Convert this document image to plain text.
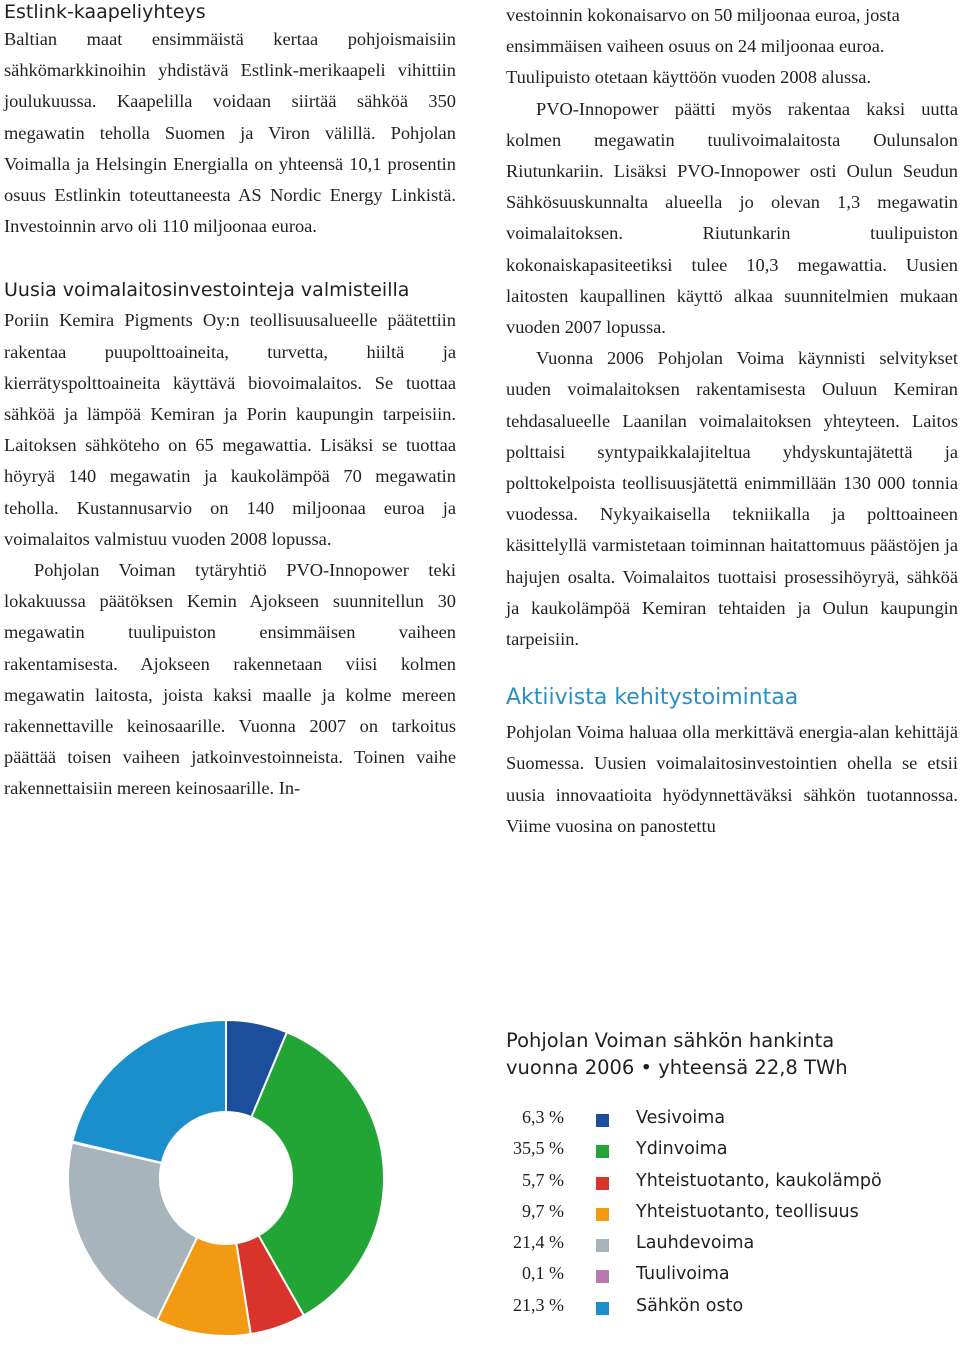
Estlink-kaapeliyhteys

Baltian maat ensimmäistä kertaa pohjoismaisiin sähkömarkkinoihin yhdistävä Estlink-merikaapeli vihittiin joulukuussa. Kaapelilla voidaan siirtää sähköä 350 megawatin teholla Suomen ja Viron välillä. Pohjolan Voimalla ja Helsingin Energialla on yhteensä 10,1 prosentin osuus Estlinkin toteuttaneesta AS Nordic Energy Linkistä. Investoinnin arvo oli 110 miljoonaa euroa.

Uusia voimalaitosinvestointeja valmisteilla

Poriin Kemira Pigments Oy:n teollisuusalueelle päätettiin rakentaa puupolttoaineita, turvetta, hiiltä ja kierrätyspolttoaineita käyttävä biovoimalaitos. Se tuottaa sähköä ja lämpöä Kemiran ja Porin kaupungin tarpeisiin. Laitoksen sähköteho on 65 megawattia. Lisäksi se tuottaa höyryä 140 megawatin ja kaukolämpöä 70 megawatin teholla. Kustannusarvio on 140 miljoonaa euroa ja voimalaitos valmistuu vuoden 2008 lopussa.

Pohjolan Voiman tytäryhtiö PVO-Innopower teki lokakuussa päätöksen Kemin Ajokseen suunnitellun 30 megawatin tuulipuiston ensimmäisen vaiheen rakentamisesta. Ajokseen rakennetaan viisi kolmen megawatin laitosta, joista kaksi maalle ja kolme mereen rakennettaville keinosaarille. Vuonna 2007 on tarkoitus päättää toisen vaiheen jatkoinvestoinneista. Toinen vaihe rakennettaisiin mereen keinosaarille. In-

vestoinnin kokonaisarvo on 50 miljoonaa euroa, josta ensimmäisen vaiheen osuus on 24 miljoonaa euroa. Tuulipuisto otetaan käyttöön vuoden 2008 alussa.

PVO-Innopower päätti myös rakentaa kaksi uutta kolmen megawatin tuulivoimalaitosta Oulunsalon Riutunkariin. Lisäksi PVO-Innopower osti Oulun Seudun Sähkösuuskunnalta alueella jo olevan 1,3 megawatin voimalaitoksen. Riutunkarin tuulipuiston kokonaiskapasiteetiksi tulee 10,3 megawattia. Uusien laitosten kaupallinen käyttö alkaa suunnitelmien mukaan vuoden 2007 lopussa.

Vuonna 2006 Pohjolan Voima käynnisti selvitykset uuden voimalaitoksen rakentamisesta Ouluun Kemiran tehdasalueelle Laanilan voimalaitoksen yhteyteen. Laitos polttaisi syntypaikkalajiteltua yhdyskuntajätettä ja polttokelpoista teollisuusjätettä enimmillään 130 000 tonnia vuodessa. Nykyaikaisella tekniikalla ja polttoaineen käsittelyllä varmistetaan toiminnan haitattomuus päästöjen ja hajujen osalta. Voimalaitos tuottaisi prosessihöyryä, sähköä ja kaukolämpöä Kemiran tehtaiden ja Oulun kaupungin tarpeisiin.

Aktiivista kehitystoimintaa

Pohjolan Voima haluaa olla merkittävä energia-alan kehittäjä Suomessa. Uusien voimalaitosinvestointien ohella se etsii uusia innovaatioita hyödynnettäväksi sähkön tuotannossa. Viime vuosina on panostettu

Pohjolan Voiman sähkön hankinta
vuonna 2006 • yhteensä 22,8 TWh
6,3 %	Vesivoima
35,5 %	Ydinvoima
5,7 %	Yhteistuotanto, kaukolämpö
9,7 %	Yhteistuotanto, teollisuus
21,4 %	Lauhdevoima
0,1 %	Tuulivoima
21,3 %	Sähkön osto
